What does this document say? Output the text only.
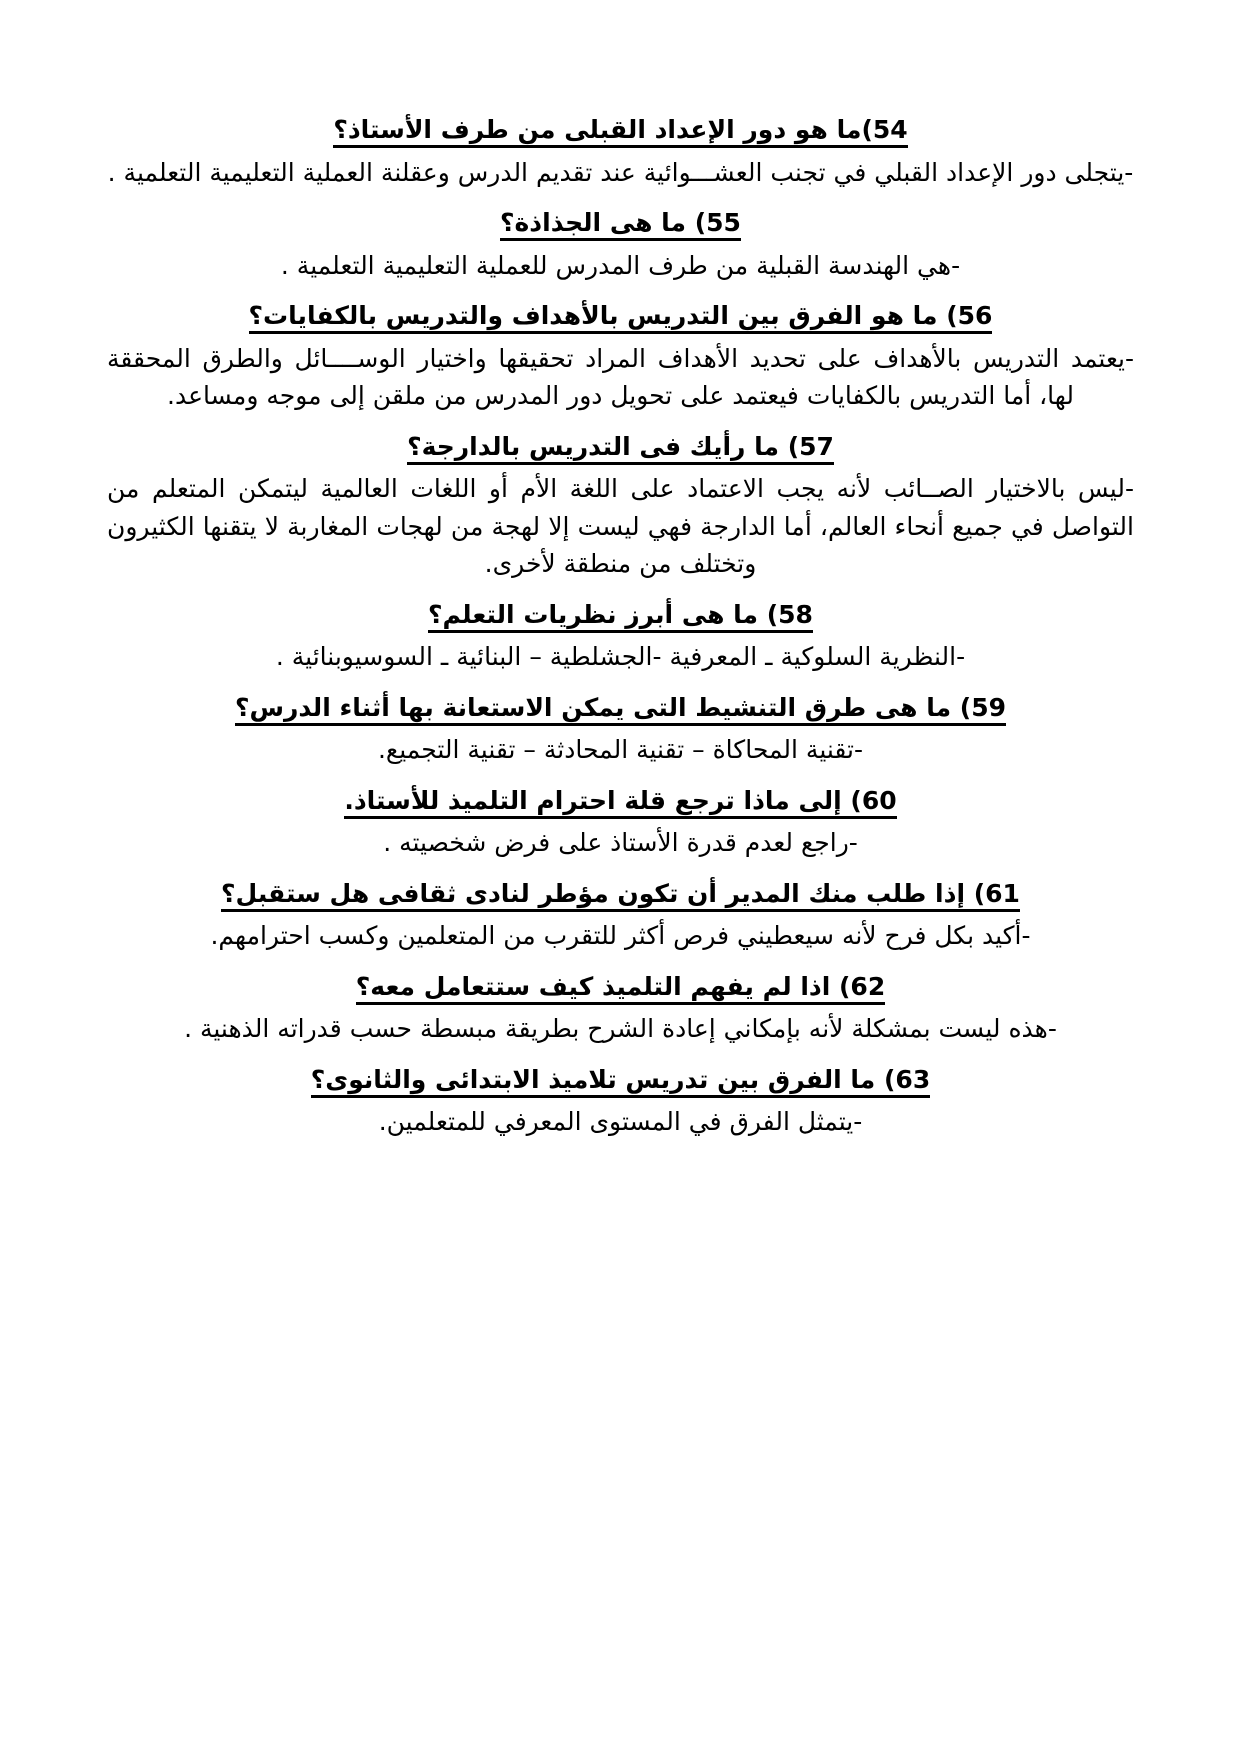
54)ما هو دور الإعداد القبلى من طرف الأستاذ؟
-يتجلى دور الإعداد القبلي في تجنب العشـــوائية عند تقديم الدرس وعقلنة العملية التعليمية التعلمية .
55) ما هى الجذاذة؟
-هي الهندسة القبلية من طرف المدرس للعملية التعليمية التعلمية .
56) ما هو الفرق بين التدريس بالأهداف والتدريس بالكفايات؟
-يعتمد التدريس بالأهداف على تحديد الأهداف المراد تحقيقها واختيار الوســــائل والطرق المحققة لها، أما التدريس بالكفايات فيعتمد على تحويل دور المدرس من ملقن إلى موجه ومساعد.
57) ما رأيك فى التدريس بالدارجة؟
-ليس بالاختيار الصــائب لأنه يجب الاعتماد على اللغة الأم أو اللغات العالمية ليتمكن المتعلم من التواصل في جميع أنحاء العالم، أما الدارجة فهي ليست إلا لهجة من لهجات المغاربة لا يتقنها الكثيرون وتختلف من منطقة لأخرى.
58) ما هى أبرز نظريات التعلم؟
-النظرية السلوكية ـ المعرفية -الجشلطية – البنائية ـ السوسيوبنائية .
59) ما هى طرق التنشيط التى يمكن الاستعانة بها أثناء الدرس؟
-تقنية المحاكاة – تقنية المحادثة – تقنية التجميع.
60) إلى ماذا ترجع قلة احترام التلميذ للأستاذ.
-راجع لعدم قدرة الأستاذ على فرض شخصيته .
61) إذا طلب منك المدير أن تكون مؤطر لنادى ثقافى هل ستقبل؟
-أكيد بكل فرح لأنه سيعطيني فرص أكثر للتقرب من المتعلمين وكسب احترامهم.
62) اذا لم يفهم التلميذ كيف ستتعامل معه؟
-هذه ليست بمشكلة لأنه بإمكاني إعادة الشرح بطريقة مبسطة حسب قدراته الذهنية .
63) ما الفرق بين تدريس تلاميذ الابتدائى والثانوى؟
-يتمثل الفرق في المستوى المعرفي للمتعلمين.
